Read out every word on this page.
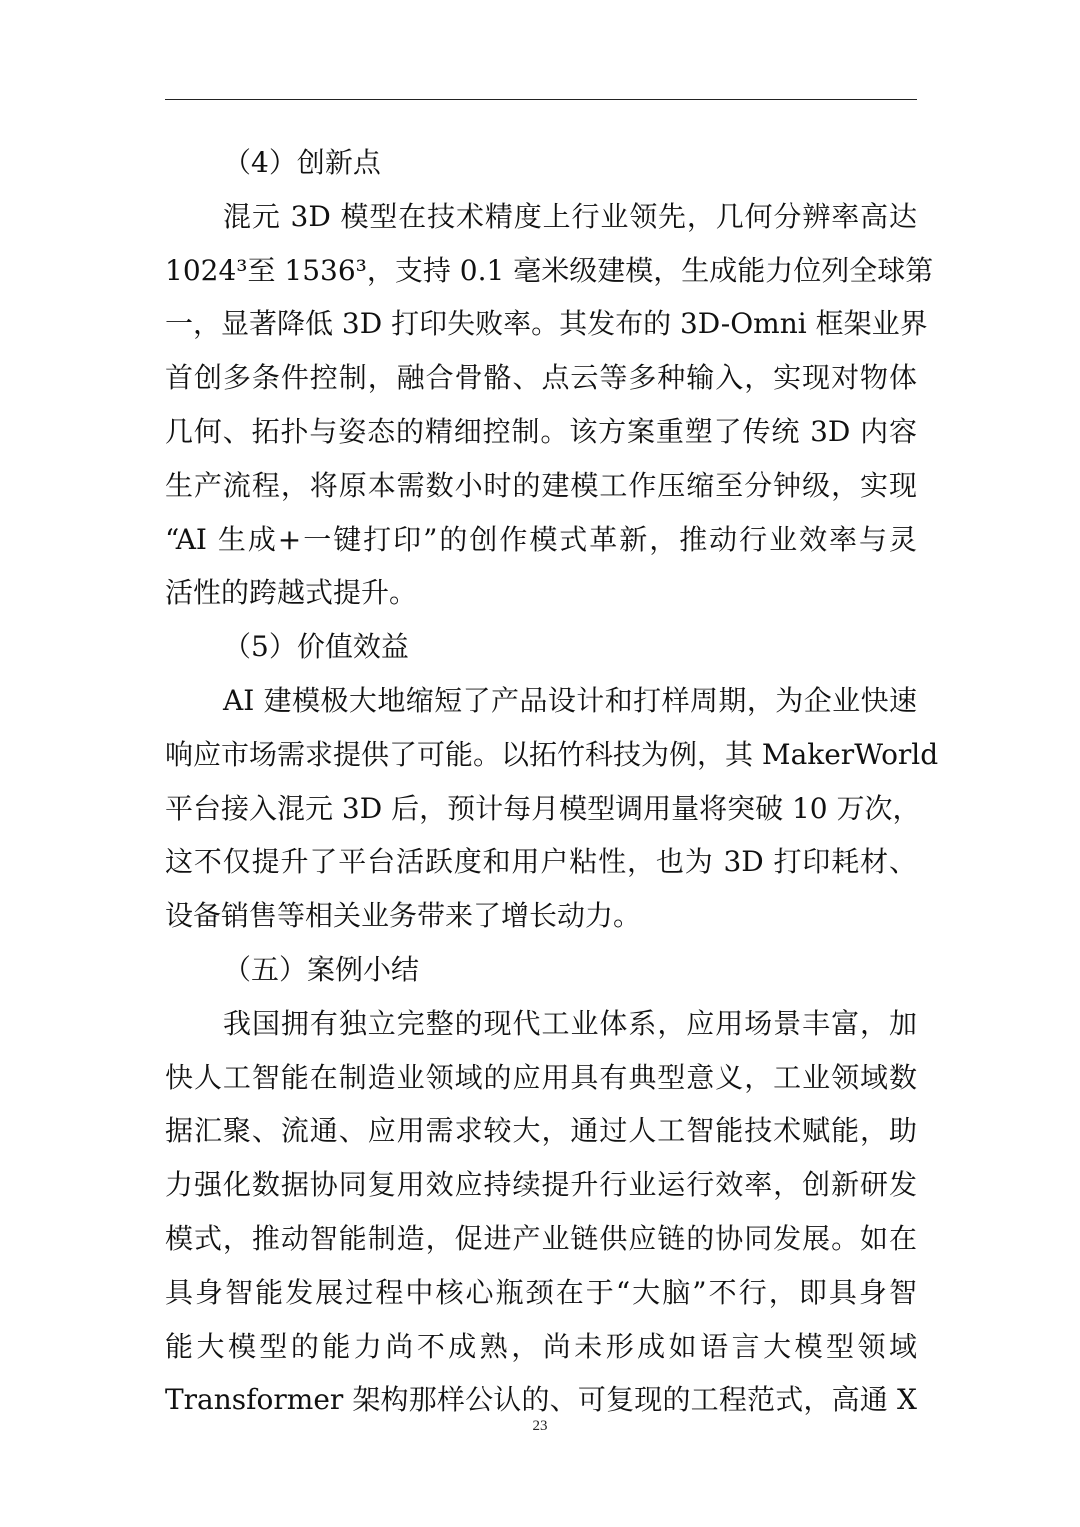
（4）创新点
混元 3D 模型在技术精度上行业领先，几何分辨率高达
1024³至 1536³，支持 0.1 毫米级建模，生成能力位列全球第
一，显著降低 3D 打印失败率。其发布的 3D-Omni 框架业界
首创多条件控制，融合骨骼、点云等多种输入，实现对物体
几何、拓扑与姿态的精细控制。该方案重塑了传统 3D 内容
生产流程，将原本需数小时的建模工作压缩至分钟级，实现
“AI 生成+一键打印”的创作模式革新，推动行业效率与灵
活性的跨越式提升。
（5）价值效益
AI 建模极大地缩短了产品设计和打样周期，为企业快速
响应市场需求提供了可能。以拓竹科技为例，其 MakerWorld
平台接入混元 3D 后，预计每月模型调用量将突破 10 万次，
这不仅提升了平台活跃度和用户粘性，也为 3D 打印耗材、
设备销售等相关业务带来了增长动力。
（五）案例小结
我国拥有独立完整的现代工业体系，应用场景丰富，加
快人工智能在制造业领域的应用具有典型意义，工业领域数
据汇聚、流通、应用需求较大，通过人工智能技术赋能，助
力强化数据协同复用效应持续提升行业运行效率，创新研发
模式，推动智能制造，促进产业链供应链的协同发展。如在
具身智能发展过程中核心瓶颈在于“大脑”不行，即具身智
能大模型的能力尚不成熟，尚未形成如语言大模型领域
Transformer 架构那样公认的、可复现的工程范式，高通 X
23
